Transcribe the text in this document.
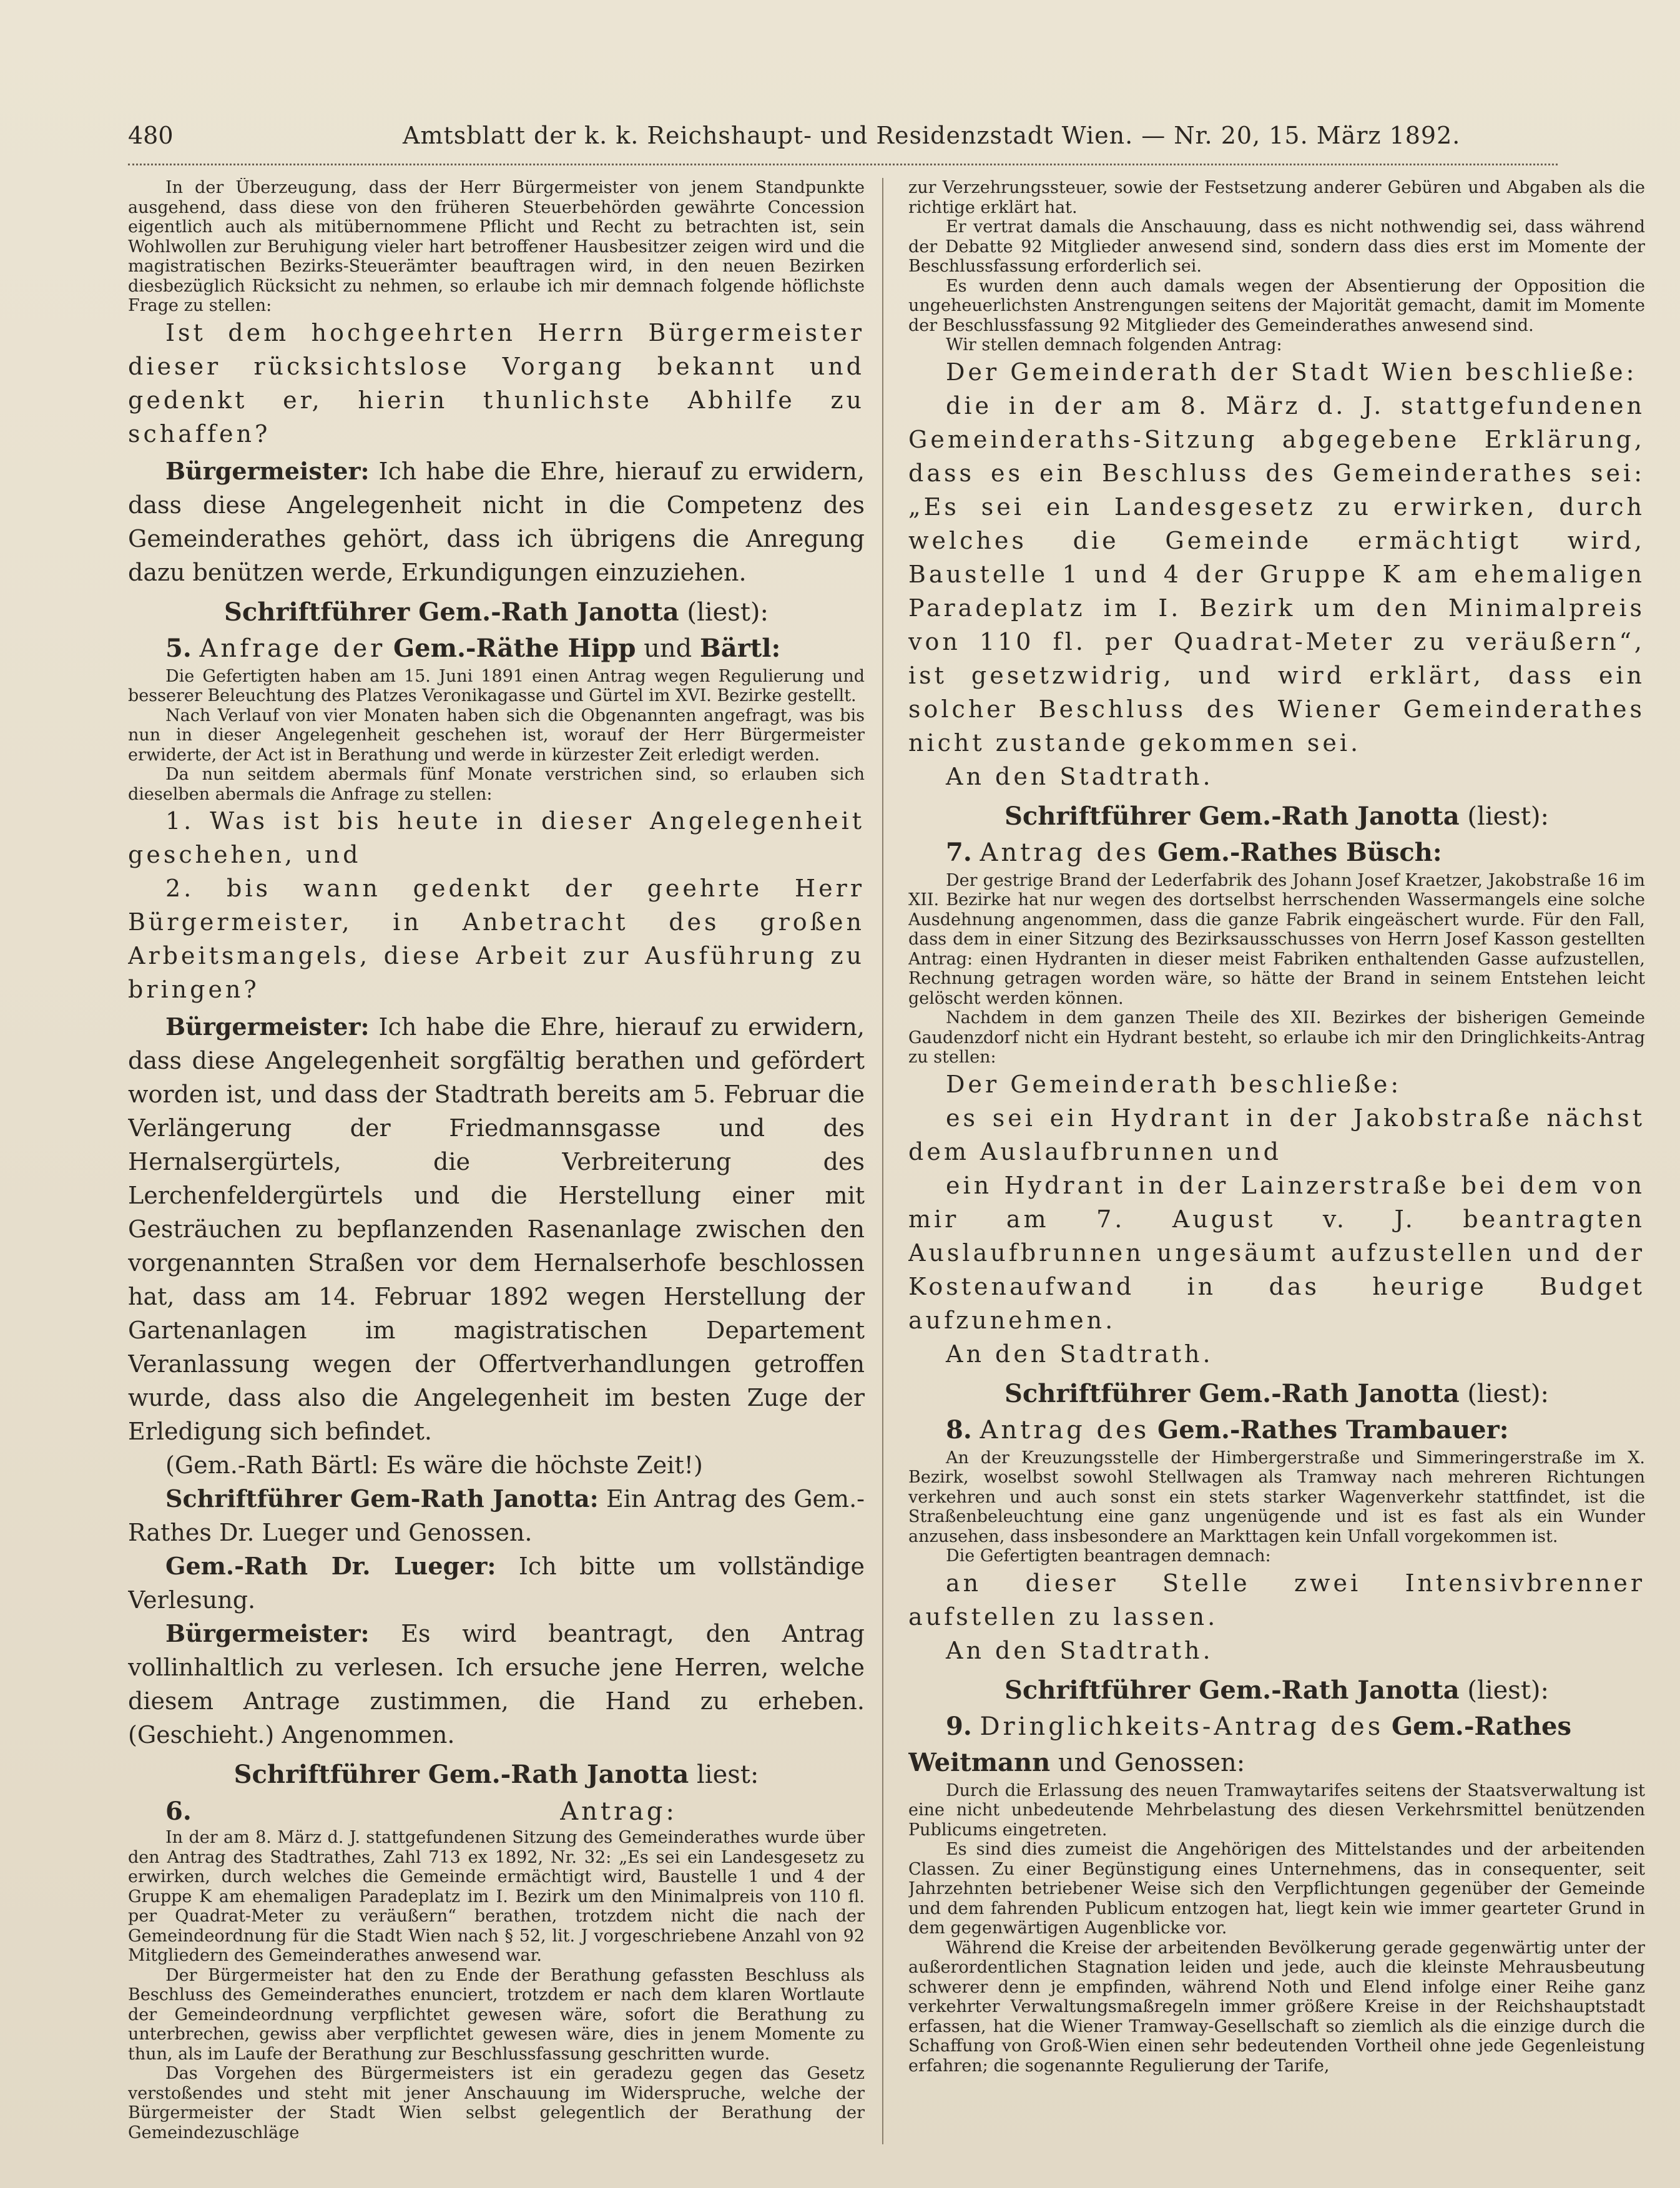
480	Amtsblatt der k. k. Reichshaupt- und Residenzstadt Wien. — Nr. 20, 15. März 1892.

In der Überzeugung, dass der Herr Bürgermeister von jenem Standpunkte ausgehend, dass diese von den früheren Steuerbehörden gewährte Concession eigentlich auch als mitübernommene Pflicht und Recht zu betrachten ist, sein Wohlwollen zur Beruhigung vieler hart betroffener Hausbesitzer zeigen wird und die magistratischen Bezirks-Steuerämter beauftragen wird, in den neuen Bezirken diesbezüglich Rücksicht zu nehmen, so erlaube ich mir demnach folgende höflichste Frage zu stellen:

Ist dem hochgeehrten Herrn Bürgermeister dieser rücksichtslose Vorgang bekannt und gedenkt er, hierin thunlichste Abhilfe zu schaffen?

Bürgermeister: Ich habe die Ehre, hierauf zu erwidern, dass diese Angelegenheit nicht in die Competenz des Gemeinderathes gehört, dass ich übrigens die Anregung dazu benützen werde, Erkundigungen einzuziehen.

Schriftführer Gem.-Rath Janotta (liest):

5. Anfrage der Gem.-Räthe Hipp und Bärtl:

Die Gefertigten haben am 15. Juni 1891 einen Antrag wegen Regulierung und besserer Beleuchtung des Platzes Veronikagasse und Gürtel im XVI. Bezirke gestellt.

Nach Verlauf von vier Monaten haben sich die Obgenannten angefragt, was bis nun in dieser Angelegenheit geschehen ist, worauf der Herr Bürgermeister erwiderte, der Act ist in Berathung und werde in kürzester Zeit erledigt werden.

Da nun seitdem abermals fünf Monate verstrichen sind, so erlauben sich dieselben abermals die Anfrage zu stellen:

1. Was ist bis heute in dieser Angelegenheit geschehen, und

2. bis wann gedenkt der geehrte Herr Bürgermeister, in Anbetracht des großen Arbeitsmangels, diese Arbeit zur Ausführung zu bringen?

Bürgermeister: Ich habe die Ehre, hierauf zu erwidern, dass diese Angelegenheit sorgfältig berathen und gefördert worden ist, und dass der Stadtrath bereits am 5. Februar die Verlängerung der Friedmannsgasse und des Hernalsergürtels, die Verbreiterung des Lerchenfeldergürtels und die Herstellung einer mit Gesträuchen zu bepflanzenden Rasenanlage zwischen den vorgenannten Straßen vor dem Hernalserhofe beschlossen hat, dass am 14. Februar 1892 wegen Herstellung der Gartenanlagen im magistratischen Departement Veranlassung wegen der Offertverhandlungen getroffen wurde, dass also die Angelegenheit im besten Zuge der Erledigung sich befindet.

(Gem.-Rath Bärtl: Es wäre die höchste Zeit!)

Schriftführer Gem-Rath Janotta: Ein Antrag des Gem.-Rathes Dr. Lueger und Genossen.

Gem.-Rath Dr. Lueger: Ich bitte um vollständige Verlesung.

Bürgermeister: Es wird beantragt, den Antrag vollinhaltlich zu verlesen. Ich ersuche jene Herren, welche diesem Antrage zustimmen, die Hand zu erheben. (Geschieht.) Angenommen.

Schriftführer Gem.-Rath Janotta liest:

6.	Antrag:

In der am 8. März d. J. stattgefundenen Sitzung des Gemeinderathes wurde über den Antrag des Stadtrathes, Zahl 713 ex 1892, Nr. 32: „Es sei ein Landesgesetz zu erwirken, durch welches die Gemeinde ermächtigt wird, Baustelle 1 und 4 der Gruppe K am ehemaligen Paradeplatz im I. Bezirk um den Minimalpreis von 110 fl. per Quadrat-Meter zu veräußern“ berathen, trotzdem nicht die nach der Gemeindeordnung für die Stadt Wien nach § 52, lit. J vorgeschriebene Anzahl von 92 Mitgliedern des Gemeinderathes anwesend war.

Der Bürgermeister hat den zu Ende der Berathung gefassten Beschluss als Beschluss des Gemeinderathes enunciert, trotzdem er nach dem klaren Wortlaute der Gemeindeordnung verpflichtet gewesen wäre, sofort die Berathung zu unterbrechen, gewiss aber verpflichtet gewesen wäre, dies in jenem Momente zu thun, als im Laufe der Berathung zur Beschlussfassung geschritten wurde.

Das Vorgehen des Bürgermeisters ist ein geradezu gegen das Gesetz verstoßendes und steht mit jener Anschauung im Widerspruche, welche der Bürgermeister der Stadt Wien selbst gelegentlich der Berathung der Gemeindezuschläge

zur Verzehrungssteuer, sowie der Festsetzung anderer Gebüren und Abgaben als die richtige erklärt hat.

Er vertrat damals die Anschauung, dass es nicht nothwendig sei, dass während der Debatte 92 Mitglieder anwesend sind, sondern dass dies erst im Momente der Beschlussfassung erforderlich sei.

Es wurden denn auch damals wegen der Absentierung der Opposition die ungeheuerlichsten Anstrengungen seitens der Majorität gemacht, damit im Momente der Beschlussfassung 92 Mitglieder des Gemeinderathes anwesend sind.

Wir stellen demnach folgenden Antrag:

Der Gemeinderath der Stadt Wien beschließe:

die in der am 8. März d. J. stattgefundenen Gemeinderaths-Sitzung abgegebene Erklärung, dass es ein Beschluss des Gemeinderathes sei: „Es sei ein Landesgesetz zu erwirken, durch welches die Gemeinde ermächtigt wird, Baustelle 1 und 4 der Gruppe K am ehemaligen Paradeplatz im I. Bezirk um den Minimalpreis von 110 fl. per Quadrat-Meter zu veräußern“, ist gesetzwidrig, und wird erklärt, dass ein solcher Beschluss des Wiener Gemeinderathes nicht zustande gekommen sei.

An den Stadtrath.

Schriftführer Gem.-Rath Janotta (liest):

7. Antrag des Gem.-Rathes Büsch:

Der gestrige Brand der Lederfabrik des Johann Josef Kraetzer, Jakobstraße 16 im XII. Bezirke hat nur wegen des dortselbst herrschenden Wassermangels eine solche Ausdehnung angenommen, dass die ganze Fabrik eingeäschert wurde. Für den Fall, dass dem in einer Sitzung des Bezirksausschusses von Herrn Josef Kasson gestellten Antrag: einen Hydranten in dieser meist Fabriken enthaltenden Gasse aufzustellen, Rechnung getragen worden wäre, so hätte der Brand in seinem Entstehen leicht gelöscht werden können.

Nachdem in dem ganzen Theile des XII. Bezirkes der bisherigen Gemeinde Gaudenzdorf nicht ein Hydrant besteht, so erlaube ich mir den Dringlichkeits-Antrag zu stellen:

Der Gemeinderath beschließe:

es sei ein Hydrant in der Jakobstraße nächst dem Auslaufbrunnen und

ein Hydrant in der Lainzerstraße bei dem von mir am 7. August v. J. beantragten Auslaufbrunnen ungesäumt aufzustellen und der Kostenaufwand in das heurige Budget aufzunehmen.

An den Stadtrath.

Schriftführer Gem.-Rath Janotta (liest):

8. Antrag des Gem.-Rathes Trambauer:

An der Kreuzungsstelle der Himbergerstraße und Simmeringerstraße im X. Bezirk, woselbst sowohl Stellwagen als Tramway nach mehreren Richtungen verkehren und auch sonst ein stets starker Wagenverkehr stattfindet, ist die Straßenbeleuchtung eine ganz ungenügende und ist es fast als ein Wunder anzusehen, dass insbesondere an Markttagen kein Unfall vorgekommen ist.

Die Gefertigten beantragen demnach:

an dieser Stelle zwei Intensivbrenner aufstellen zu lassen.

An den Stadtrath.

Schriftführer Gem.-Rath Janotta (liest):

9. Dringlichkeits-Antrag des Gem.-Rathes Weitmann und Genossen:

Durch die Erlassung des neuen Tramwaytarifes seitens der Staatsverwaltung ist eine nicht unbedeutende Mehrbelastung des diesen Verkehrsmittel benützenden Publicums eingetreten.

Es sind dies zumeist die Angehörigen des Mittelstandes und der arbeitenden Classen. Zu einer Begünstigung eines Unternehmens, das in consequenter, seit Jahrzehnten betriebener Weise sich den Verpflichtungen gegenüber der Gemeinde und dem fahrenden Publicum entzogen hat, liegt kein wie immer gearteter Grund in dem gegenwärtigen Augenblicke vor.

Während die Kreise der arbeitenden Bevölkerung gerade gegenwärtig unter der außerordentlichen Stagnation leiden und jede, auch die kleinste Mehrausbeutung schwerer denn je empfinden, während Noth und Elend infolge einer Reihe ganz verkehrter Verwaltungsmaßregeln immer größere Kreise in der Reichshauptstadt erfassen, hat die Wiener Tramway-Gesellschaft so ziemlich als die einzige durch die Schaffung von Groß-Wien einen sehr bedeutenden Vortheil ohne jede Gegenleistung erfahren; die sogenannte Regulierung der Tarife,
